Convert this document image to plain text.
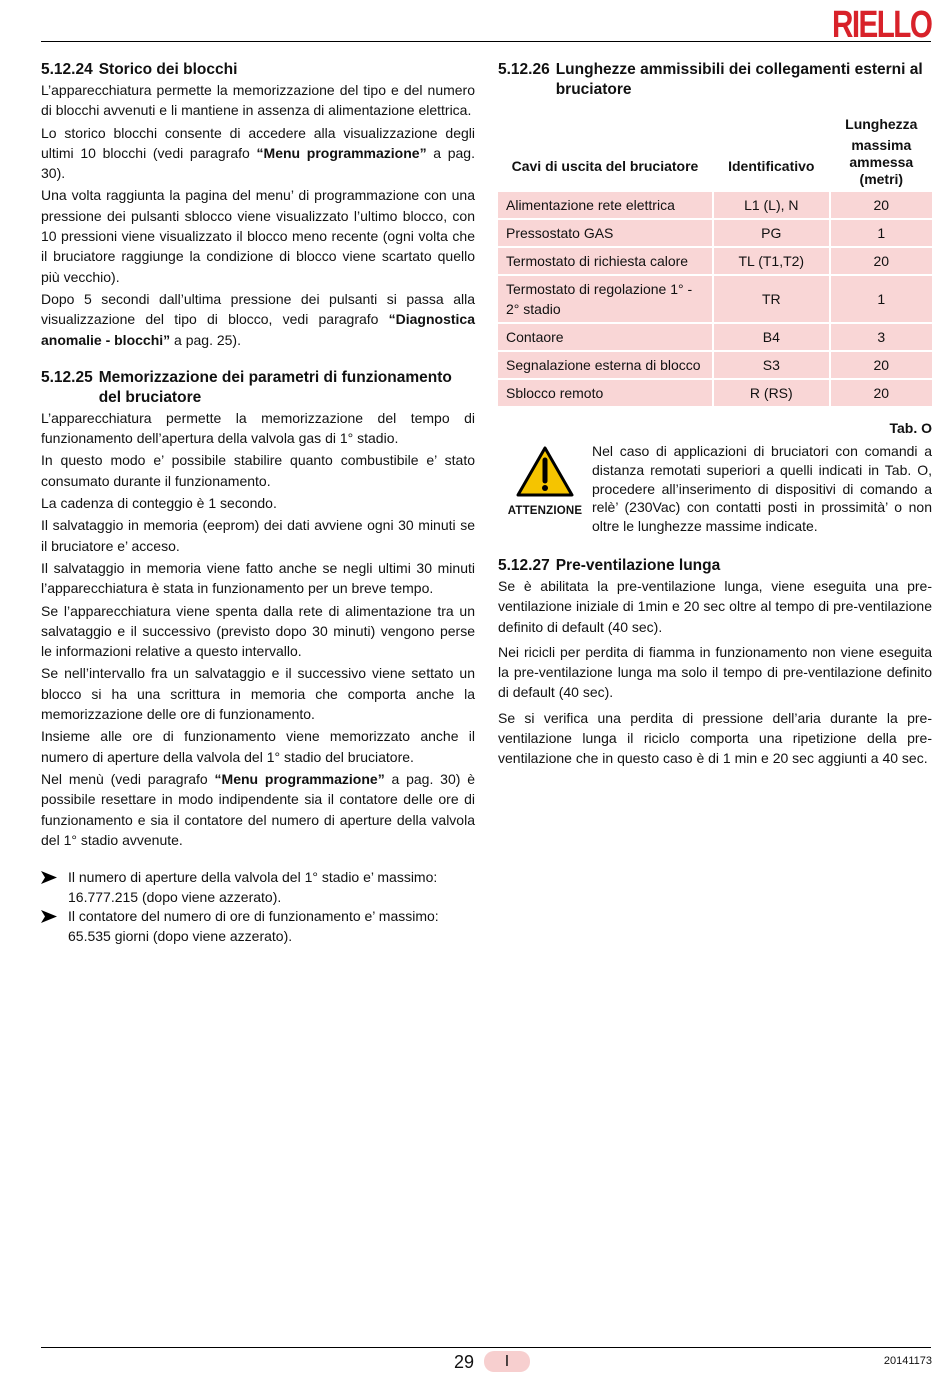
RIELLO
5.12.24 Storico dei blocchi

L’apparecchiatura permette la memorizzazione del tipo e del numero di blocchi avvenuti e li mantiene in assenza di alimentazione elettrica.

Lo storico blocchi consente di accedere alla visualizzazione degli ultimi 10 blocchi (vedi paragrafo “Menu programmazione” a pag. 30).

Una volta raggiunta la pagina del menu’ di programmazione con una pressione dei pulsanti sblocco viene visualizzato l’ultimo blocco, con 10 pressioni viene visualizzato il blocco meno recente (ogni volta che il bruciatore raggiunge la condizione di blocco viene scartato quello più vecchio).

Dopo 5 secondi dall’ultima pressione dei pulsanti si passa alla visualizzazione del tipo di blocco, vedi paragrafo “Diagnostica anomalie - blocchi” a pag. 25).

5.12.25 Memorizzazione dei parametri di funzionamento del bruciatore

L’apparecchiatura permette la memorizzazione del tempo di funzionamento dell’apertura della valvola gas di 1° stadio.

In questo modo e’ possibile stabilire quanto combustibile e’ stato consumato durante il funzionamento.

La cadenza di conteggio è 1 secondo.

Il salvataggio in memoria (eeprom) dei dati avviene ogni 30 minuti se il bruciatore e’ acceso.

Il salvataggio in memoria viene fatto anche se negli ultimi 30 minuti l’apparecchiatura è stata in funzionamento per un breve tempo.

Se l’apparecchiatura viene spenta dalla rete di alimentazione tra un salvataggio e il successivo (previsto dopo 30 minuti) vengono perse le informazioni relative a questo intervallo.

Se nell’intervallo fra un salvataggio e il successivo viene settato un blocco si ha una scrittura in memoria che comporta anche la memorizzazione delle ore di funzionamento.

Insieme alle ore di funzionamento viene memorizzato anche il numero di aperture della valvola del 1° stadio del bruciatore.

Nel menù (vedi paragrafo “Menu programmazione” a pag. 30) è possibile resettare in modo indipendente sia il contatore delle ore di funzionamento e sia il contatore del numero di aperture della valvola del 1° stadio avvenute.

Il numero di aperture della valvola del 1° stadio e’ massimo: 16.777.215 (dopo viene azzerato).
Il contatore del numero di ore di funzionamento e’ massimo: 65.535 giorni (dopo viene azzerato).
5.12.26 Lunghezze ammissibili dei collegamenti esterni al bruciatore
Cavi di uscita del bruciatore	Identificativo	Lunghezza
massima ammessa (metri)

Alimentazione rete elettrica	L1 (L), N	20
Pressostato GAS	PG	1
Termostato di richiesta calore	TL (T1,T2)	20
Termostato di regolazione 1° - 2° stadio	TR	1
Contaore	B4	3
Segnalazione esterna di blocco	S3	20
Sblocco remoto	R (RS)	20
Tab. O
ATTENZIONE
Nel caso di applicazioni di bruciatori con comandi a distanza remotati superiori a quelli indicati in Tab. O, procedere all’inserimento di dispositivi di comando a relè’ (230Vac) con contatti posti in prossimità’ o non oltre le lunghezze massime indicate.
5.12.27 Pre-ventilazione lunga

Se è abilitata la pre-ventilazione lunga, viene eseguita una pre-ventilazione iniziale di 1min e 20 sec oltre al tempo di pre-ventilazione definito di default (40 sec).

Nei ricicli per perdita di fiamma in funzionamento non viene eseguita la pre-ventilazione lunga ma solo il tempo di pre-ventilazione definito di default (40 sec).

Se si verifica una perdita di pressione dell’aria durante la pre-ventilazione lunga il riciclo comporta una ripetizione della pre-ventilazione che in questo caso è di 1 min e 20 sec aggiunti a 40 sec.

29	I	20141173
